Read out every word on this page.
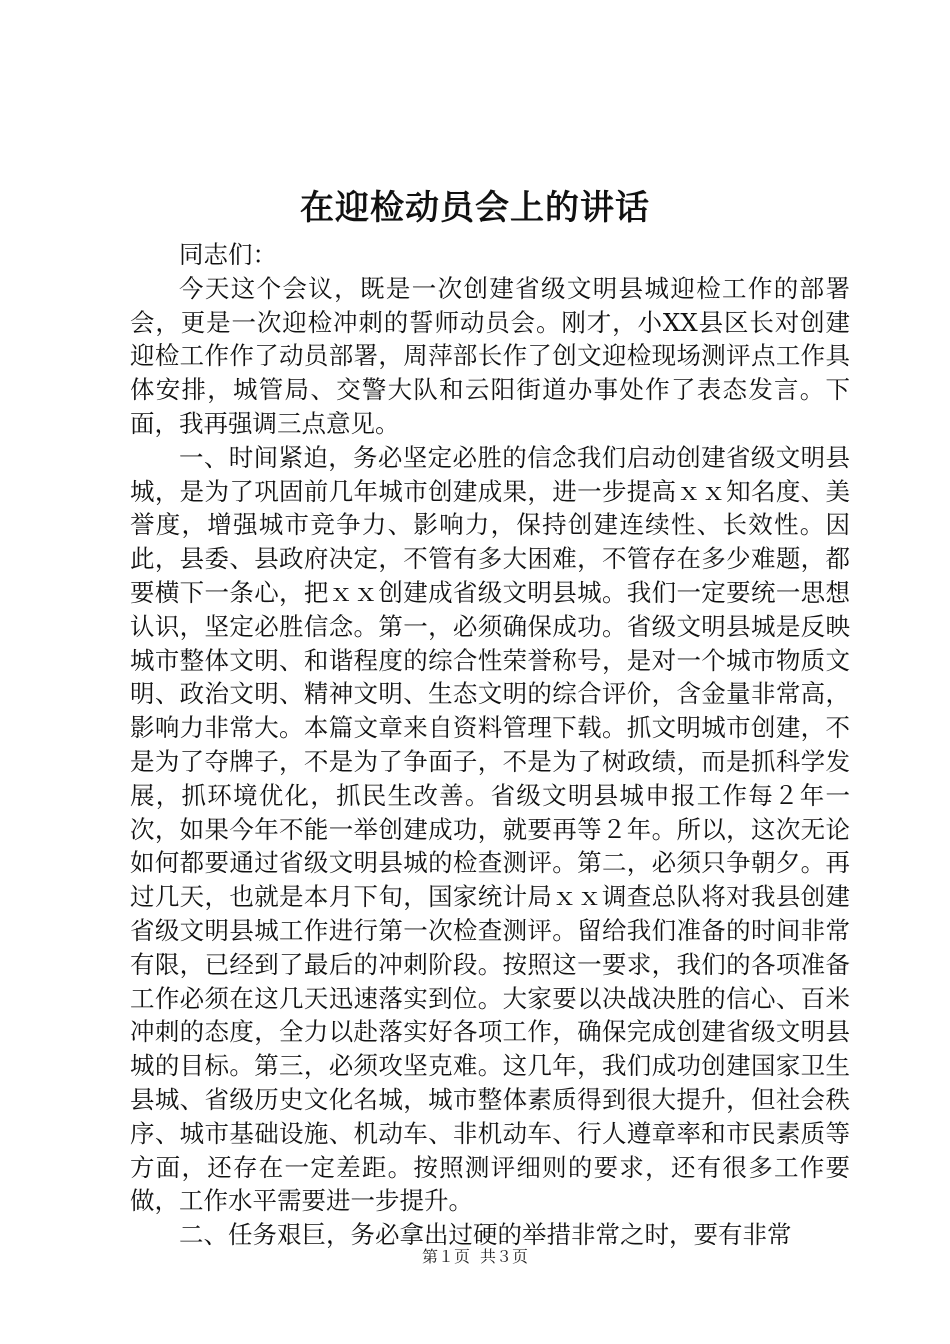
在迎检动员会上的讲话

同志们：

今天这个会议，既是一次创建省级文明县城迎检工作的部署会，更是一次迎检冲刺的誓师动员会。刚才，小XX县区长对创建迎检工作作了动员部署，周萍部长作了创文迎检现场测评点工作具体安排，城管局、交警大队和云阳街道办事处作了表态发言。下面，我再强调三点意见。

一、时间紧迫，务必坚定必胜的信念我们启动创建省级文明县城，是为了巩固前几年城市创建成果，进一步提高ｘｘ知名度、美誉度，增强城市竞争力、影响力，保持创建连续性、长效性。因此，县委、县政府决定，不管有多大困难，不管存在多少难题，都要横下一条心，把ｘｘ创建成省级文明县城。我们一定要统一思想认识，坚定必胜信念。第一，必须确保成功。省级文明县城是反映城市整体文明、和谐程度的综合性荣誉称号，是对一个城市物质文明、政治文明、精神文明、生态文明的综合评价，含金量非常高，影响力非常大。本篇文章来自资料管理下载。抓文明城市创建，不是为了夺牌子，不是为了争面子，不是为了树政绩，而是抓科学发展，抓环境优化，抓民生改善。省级文明县城申报工作每２年一次，如果今年不能一举创建成功，就要再等２年。所以，这次无论如何都要通过省级文明县城的检查测评。第二，必须只争朝夕。再过几天，也就是本月下旬，国家统计局ｘｘ调查总队将对我县创建省级文明县城工作进行第一次检查测评。留给我们准备的时间非常有限，已经到了最后的冲刺阶段。按照这一要求，我们的各项准备工作必须在这几天迅速落实到位。大家要以决战决胜的信心、百米冲刺的态度，全力以赴落实好各项工作，确保完成创建省级文明县城的目标。第三，必须攻坚克难。这几年，我们成功创建国家卫生县城、省级历史文化名城，城市整体素质得到很大提升，但社会秩序、城市基础设施、机动车、非机动车、行人遵章率和市民素质等方面，还存在一定差距。按照测评细则的要求，还有很多工作要做，工作水平需要进一步提升。

二、任务艰巨，务必拿出过硬的举措非常之时，要有非常

第１页 共３页
